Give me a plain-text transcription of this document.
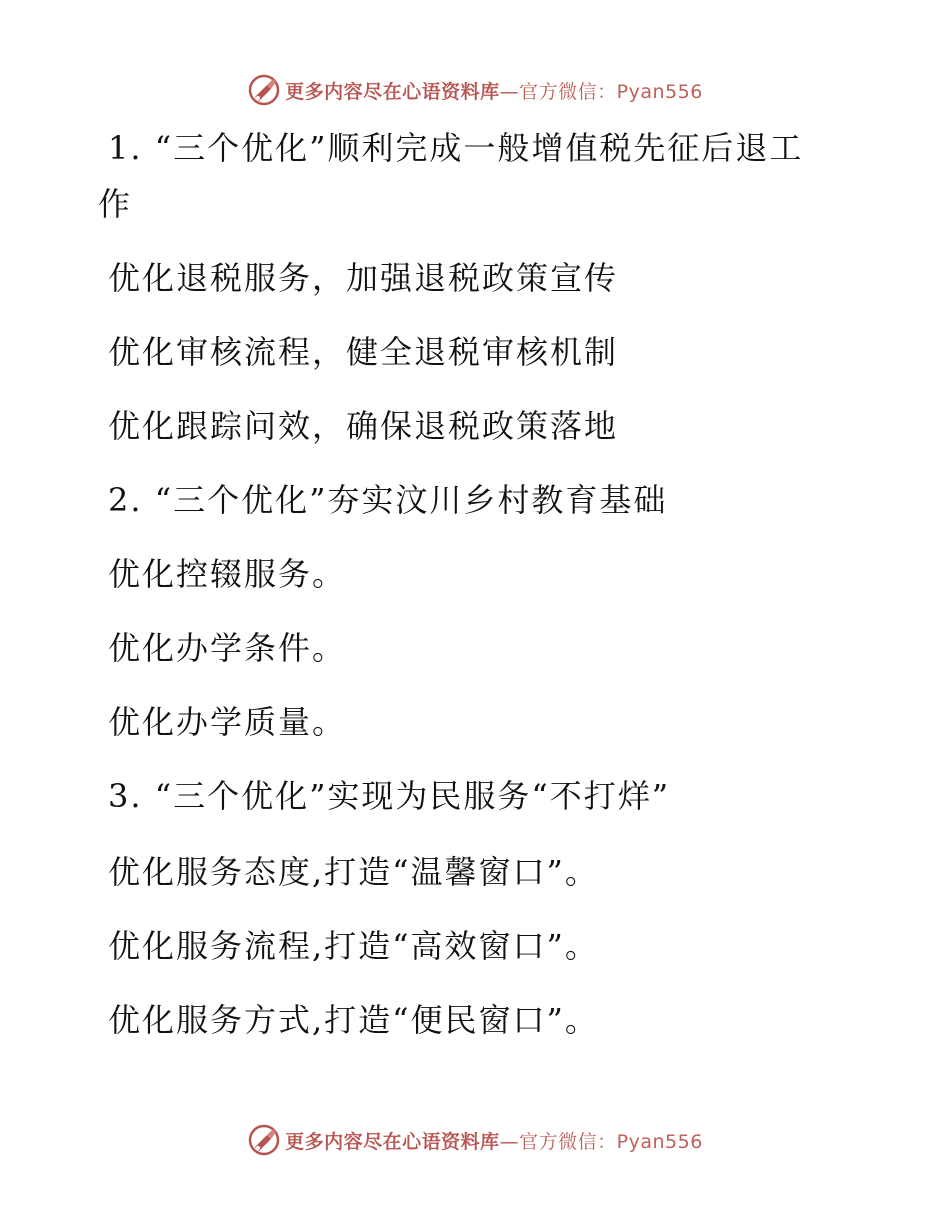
更多内容尽在心语资料库—官方微信：Pyan556
1. “三个优化”顺利完成一般增值税先征后退工
作
优化退税服务，加强退税政策宣传
优化审核流程，健全退税审核机制
优化跟踪问效，确保退税政策落地
2. “三个优化”夯实汶川乡村教育基础
优化控辍服务。
优化办学条件。
优化办学质量。
3. “三个优化”实现为民服务“不打烊”
优化服务态度,打造“温馨窗口”。
优化服务流程,打造“高效窗口”。
优化服务方式,打造“便民窗口”。
更多内容尽在心语资料库—官方微信：Pyan556
